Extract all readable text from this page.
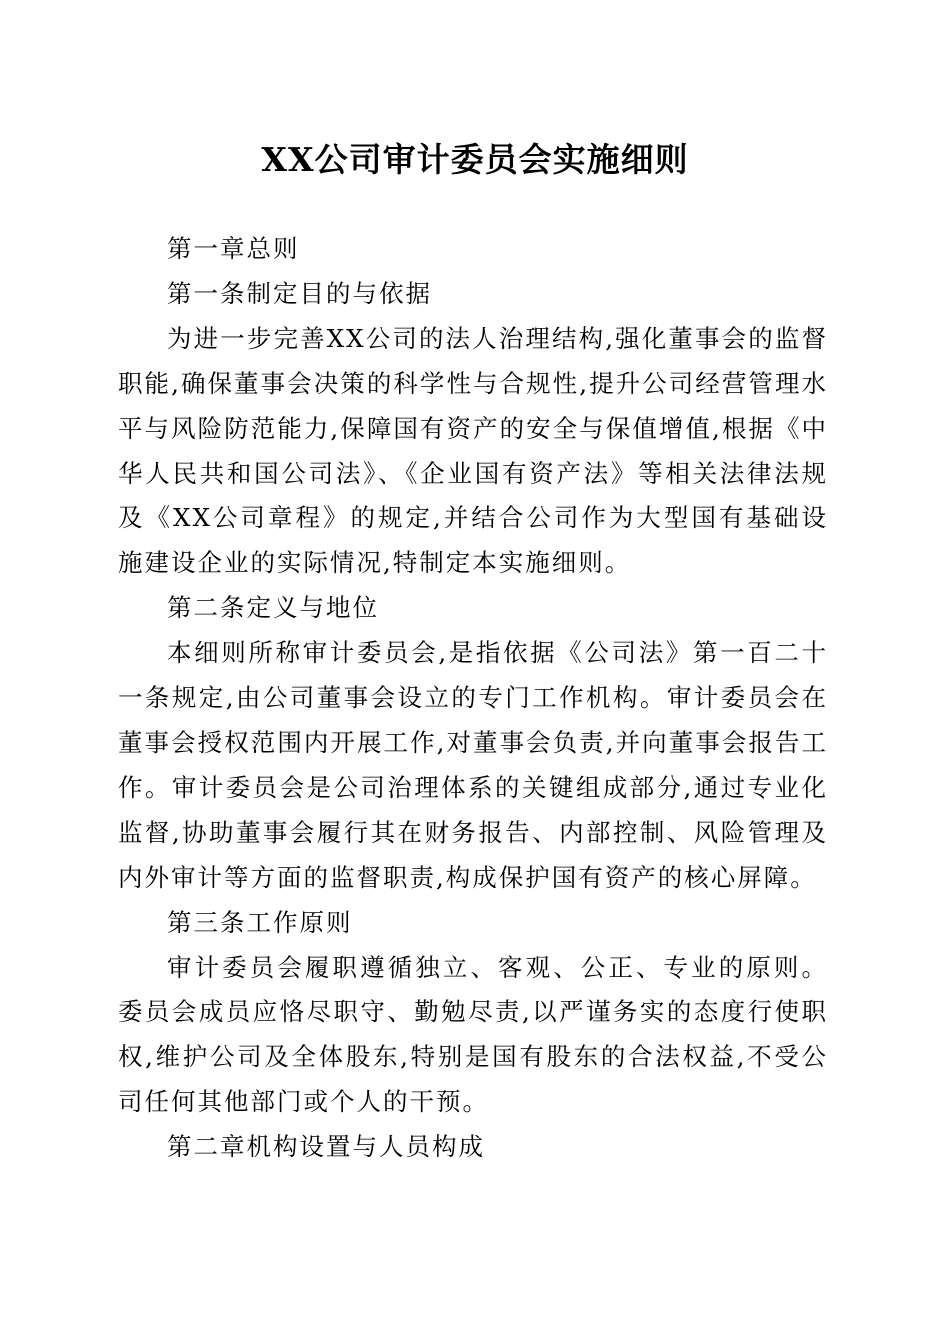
XX公司审计委员会实施细则

第一章总则

第一条制定目的与依据

为进一步完善XX公司的法人治理结构,强化董事会的监督职能,确保董事会决策的科学性与合规性,提升公司经营管理水平与风险防范能力,保障国有资产的安全与保值增值,根据《中华人民共和国公司法》、《企业国有资产法》等相关法律法规及《XX公司章程》的规定,并结合公司作为大型国有基础设施建设企业的实际情况,特制定本实施细则。

第二条定义与地位

本细则所称审计委员会,是指依据《公司法》第一百二十一条规定,由公司董事会设立的专门工作机构。审计委员会在董事会授权范围内开展工作,对董事会负责,并向董事会报告工作。审计委员会是公司治理体系的关键组成部分,通过专业化监督,协助董事会履行其在财务报告、内部控制、风险管理及内外审计等方面的监督职责,构成保护国有资产的核心屏障。

第三条工作原则

审计委员会履职遵循独立、客观、公正、专业的原则。委员会成员应恪尽职守、勤勉尽责,以严谨务实的态度行使职权,维护公司及全体股东,特别是国有股东的合法权益,不受公司任何其他部门或个人的干预。

第二章机构设置与人员构成
